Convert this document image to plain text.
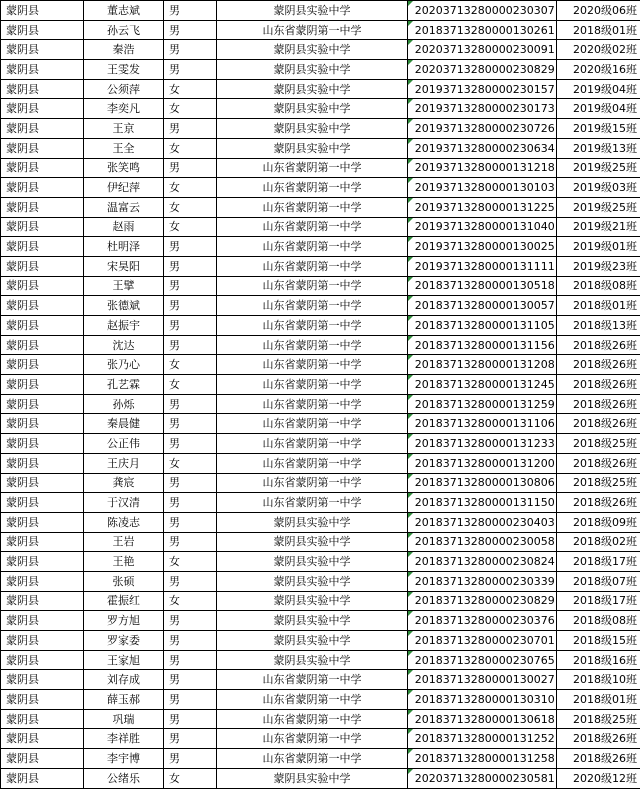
蒙阴县	董志斌	男	蒙阴县实验中学		20203713280000230307	2020级06班
蒙阴县	孙云飞	男	山东省蒙阴第一中学		20183713280000130261	2018级01班
蒙阴县	秦浩	男	蒙阴县实验中学		20203713280000230091	2020级02班
蒙阴县	王雯发	男	蒙阴县实验中学		20203713280000230829	2020级16班
蒙阴县	公须萍	女	蒙阴县实验中学		20193713280000230157	2019级04班
蒙阴县	李奕凡	女	蒙阴县实验中学		20193713280000230173	2019级04班
蒙阴县	王京	男	蒙阴县实验中学		20193713280000230726	2019级15班
蒙阴县	王全	女	蒙阴县实验中学		20193713280000230634	2019级13班
蒙阴县	张笑鸣	男	山东省蒙阴第一中学		20193713280000131218	2019级25班
蒙阴县	伊纪萍	女	山东省蒙阴第一中学		20193713280000130103	2019级03班
蒙阴县	温富云	女	山东省蒙阴第一中学		20193713280000131225	2019级25班
蒙阴县	赵雨	女	山东省蒙阴第一中学		20193713280000131040	2019级21班
蒙阴县	杜明泽	男	山东省蒙阴第一中学		20193713280000130025	2019级01班
蒙阴县	宋昊阳	男	山东省蒙阴第一中学		20193713280000131111	2019级23班
蒙阴县	王擘	男	山东省蒙阴第一中学		20183713280000130518	2018级08班
蒙阴县	张德斌	男	山东省蒙阴第一中学		20183713280000130057	2018级01班
蒙阴县	赵振宇	男	山东省蒙阴第一中学		20183713280000131105	2018级13班
蒙阴县	沈达	男	山东省蒙阴第一中学		20183713280000131156	2018级26班
蒙阴县	张乃心	女	山东省蒙阴第一中学		20183713280000131208	2018级26班
蒙阴县	孔艺霖	女	山东省蒙阴第一中学		20183713280000131245	2018级26班
蒙阴县	孙烁	男	山东省蒙阴第一中学		20183713280000131259	2018级26班
蒙阴县	秦晨健	男	山东省蒙阴第一中学		20183713280000131106	2018级26班
蒙阴县	公正伟	男	山东省蒙阴第一中学		20183713280000131233	2018级25班
蒙阴县	王庆月	女	山东省蒙阴第一中学		20183713280000131200	2018级26班
蒙阴县	龚宸	男	山东省蒙阴第一中学		20183713280000130806	2018级25班
蒙阴县	于汉清	男	山东省蒙阴第一中学		20183713280000131150	2018级26班
蒙阴县	陈凌志	男	蒙阴县实验中学		20183713280000230403	2018级09班
蒙阴县	王岩	男	蒙阴县实验中学		20183713280000230058	2018级02班
蒙阴县	王艳	女	蒙阴县实验中学		20183713280000230824	2018级17班
蒙阴县	张硕	男	蒙阴县实验中学		20183713280000230339	2018级07班
蒙阴县	霍振红	女	蒙阴县实验中学		20183713280000230829	2018级17班
蒙阴县	罗方旭	男	蒙阴县实验中学		20183713280000230376	2018级08班
蒙阴县	罗家委	男	蒙阴县实验中学		20183713280000230701	2018级15班
蒙阴县	王家旭	男	蒙阴县实验中学		20183713280000230765	2018级16班
蒙阴县	刘存成	男	山东省蒙阴第一中学		20183713280000130027	2018级10班
蒙阴县	薛玉郝	男	山东省蒙阴第一中学		20183713280000130310	2018级01班
蒙阴县	巩瑞	男	山东省蒙阴第一中学		20183713280000130618	2018级25班
蒙阴县	李祥胜	男	山东省蒙阴第一中学		20183713280000131252	2018级26班
蒙阴县	李宇博	男	山东省蒙阴第一中学		20183713280000131258	2018级26班
蒙阴县	公绪乐	女	蒙阴县实验中学		20203713280000230581	2020级12班
